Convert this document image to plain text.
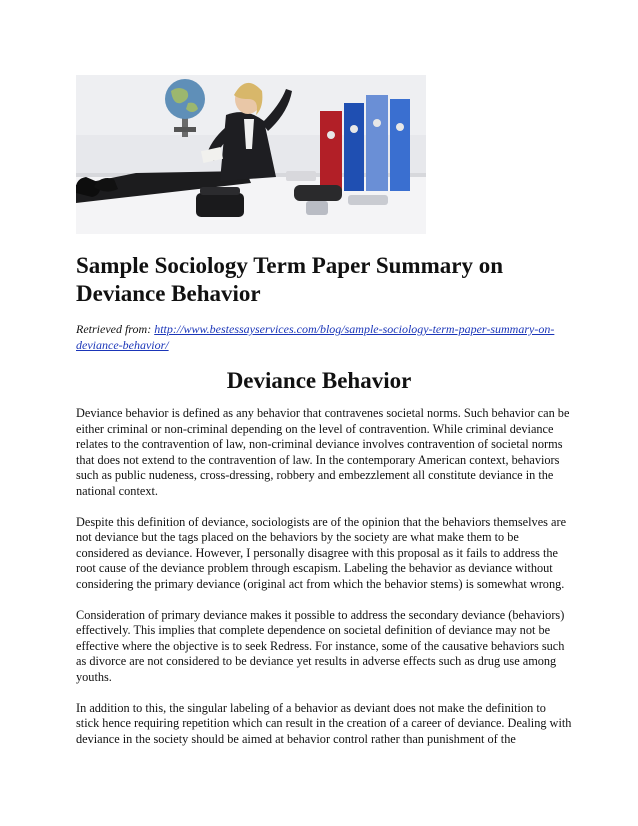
Sample Sociology Term Paper Summary on Deviance Behavior
Retrieved from: http://www.bestessayservices.com/blog/sample-sociology-term-paper-summary-on-deviance-behavior/
Deviance Behavior

Deviance behavior is defined as any behavior that contravenes societal norms. Such behavior can be either criminal or non-criminal depending on the level of contravention. While criminal deviance relates to the contravention of law, non-criminal deviance involves contravention of societal norms that does not extend to the contravention of law. In the contemporary American context, behaviors such as public nudeness, cross-dressing, robbery and embezzlement all constitute deviance in the national context.

Despite this definition of deviance, sociologists are of the opinion that the behaviors themselves are not deviance but the tags placed on the behaviors by the society are what make them to be considered as deviance. However, I personally disagree with this proposal as it fails to address the root cause of the deviance problem through escapism. Labeling the behavior as deviance without considering the primary deviance (original act from which the behavior stems) is somewhat wrong.

Consideration of primary deviance makes it possible to address the secondary deviance (behaviors) effectively. This implies that complete dependence on societal definition of deviance may not be effective where the objective is to seek Redress. For instance, some of the causative behaviors such as divorce are not considered to be deviance yet results in adverse effects such as drug use among youths.

In addition to this, the singular labeling of a behavior as deviant does not make the definition to stick hence requiring repetition which can result in the creation of a career of deviance. Dealing with deviance in the society should be aimed at behavior control rather than punishment of the
